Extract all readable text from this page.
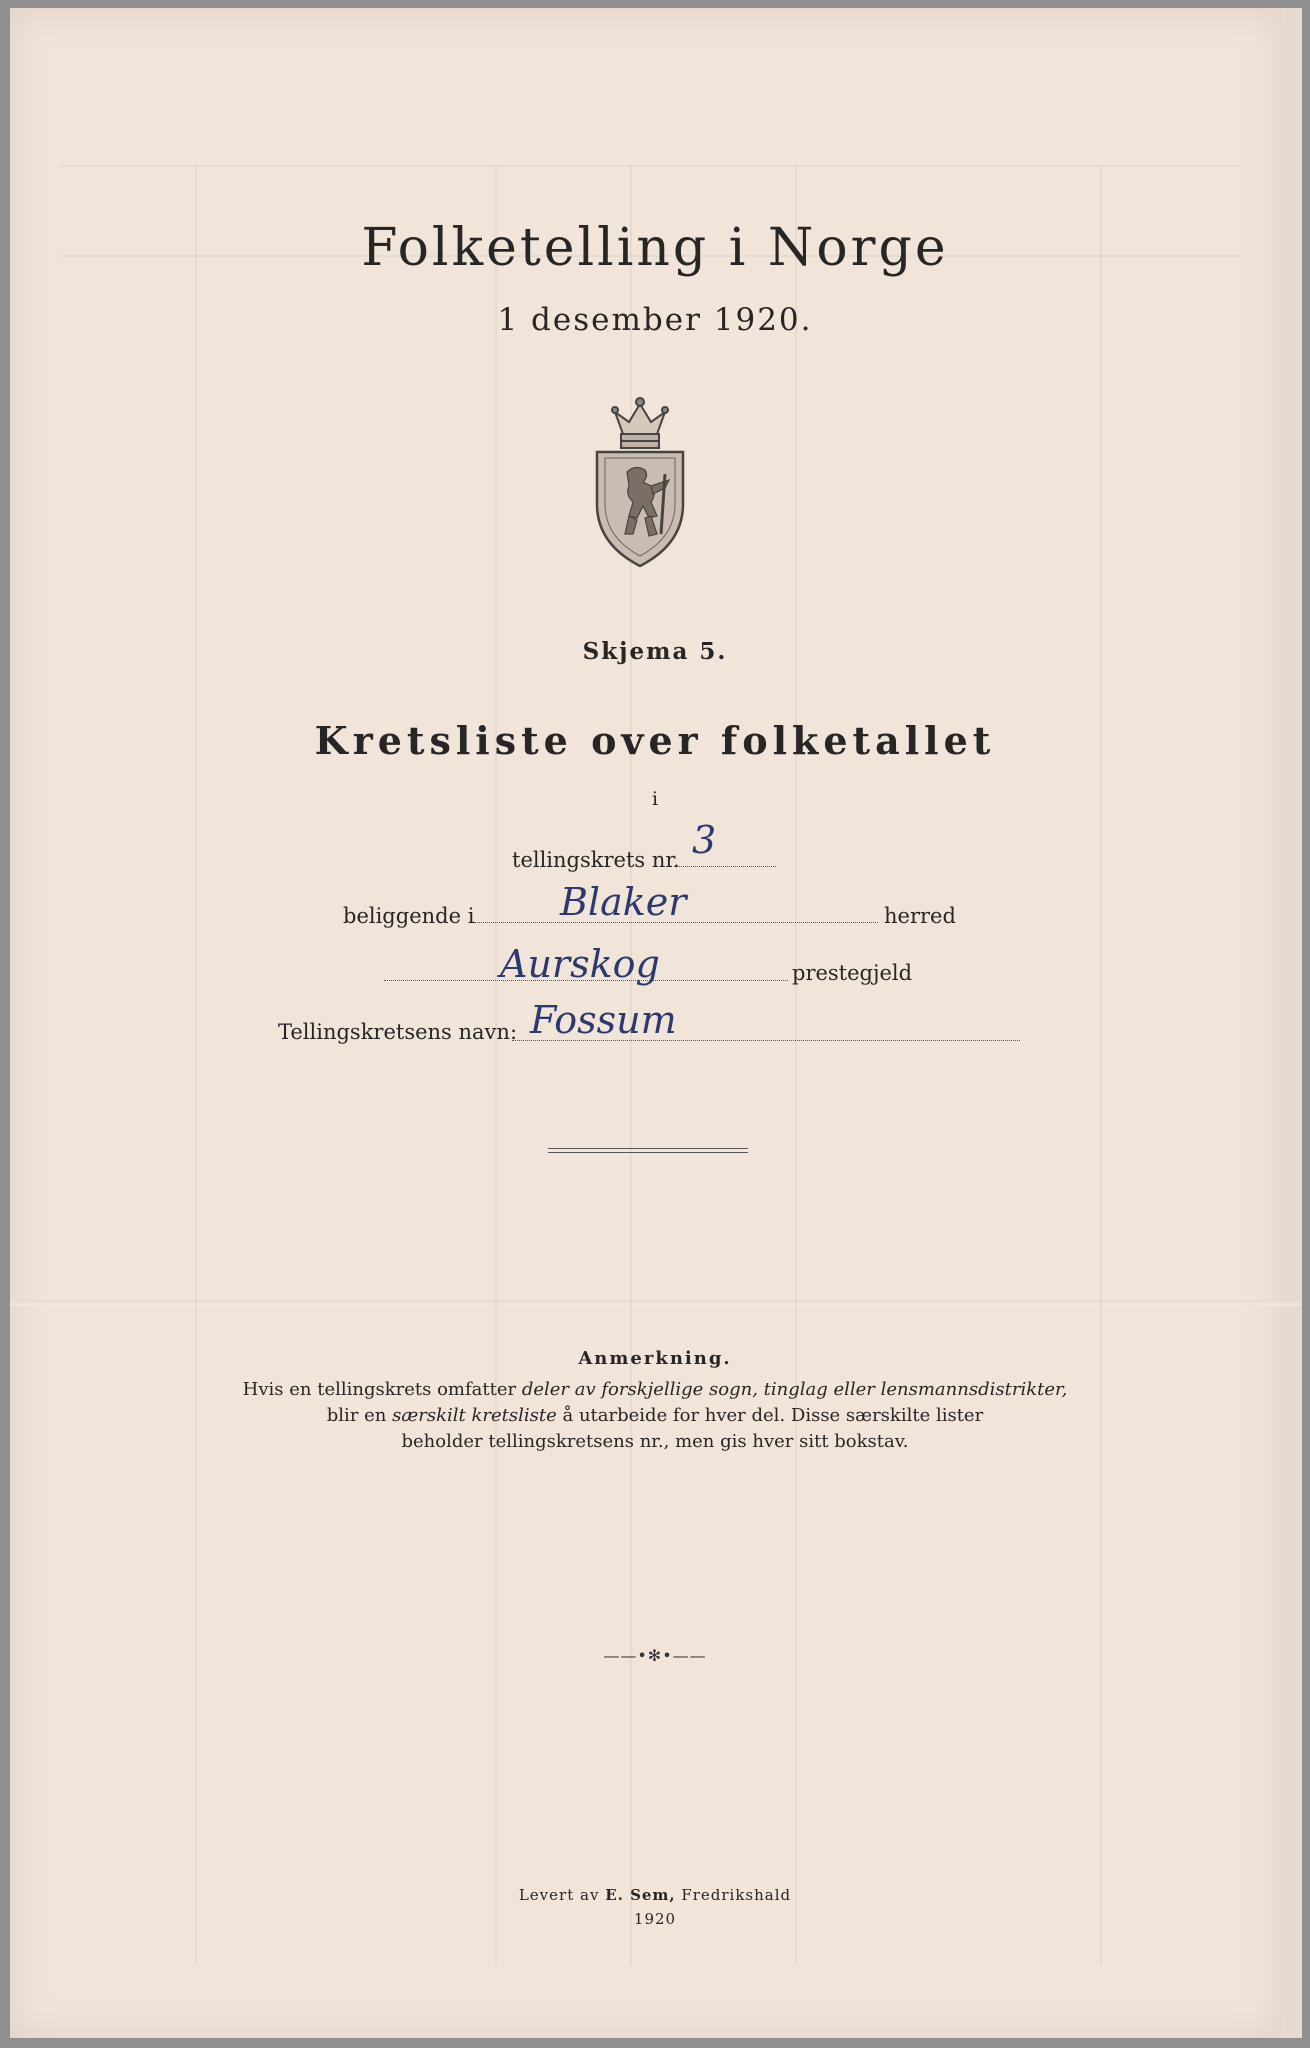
Folketelling i Norge
1 desember 1920.
Skjema 5.
Kretsliste over folketallet
i
tellingskrets nr. 3
beliggende i Blaker	herred
Aurskog	prestegjeld
Tellingskretsens navn: Fossum
Anmerkning.
Hvis en tellingskrets omfatter deler av forskjellige sogn, tinglag eller lensmannsdistrikter,
blir en særskilt kretsliste å utarbeide for hver del. Disse særskilte lister
beholder tellingskretsens nr., men gis hver sitt bokstav.
——•✻•——
Levert av E. Sem, Fredrikshald
1920
